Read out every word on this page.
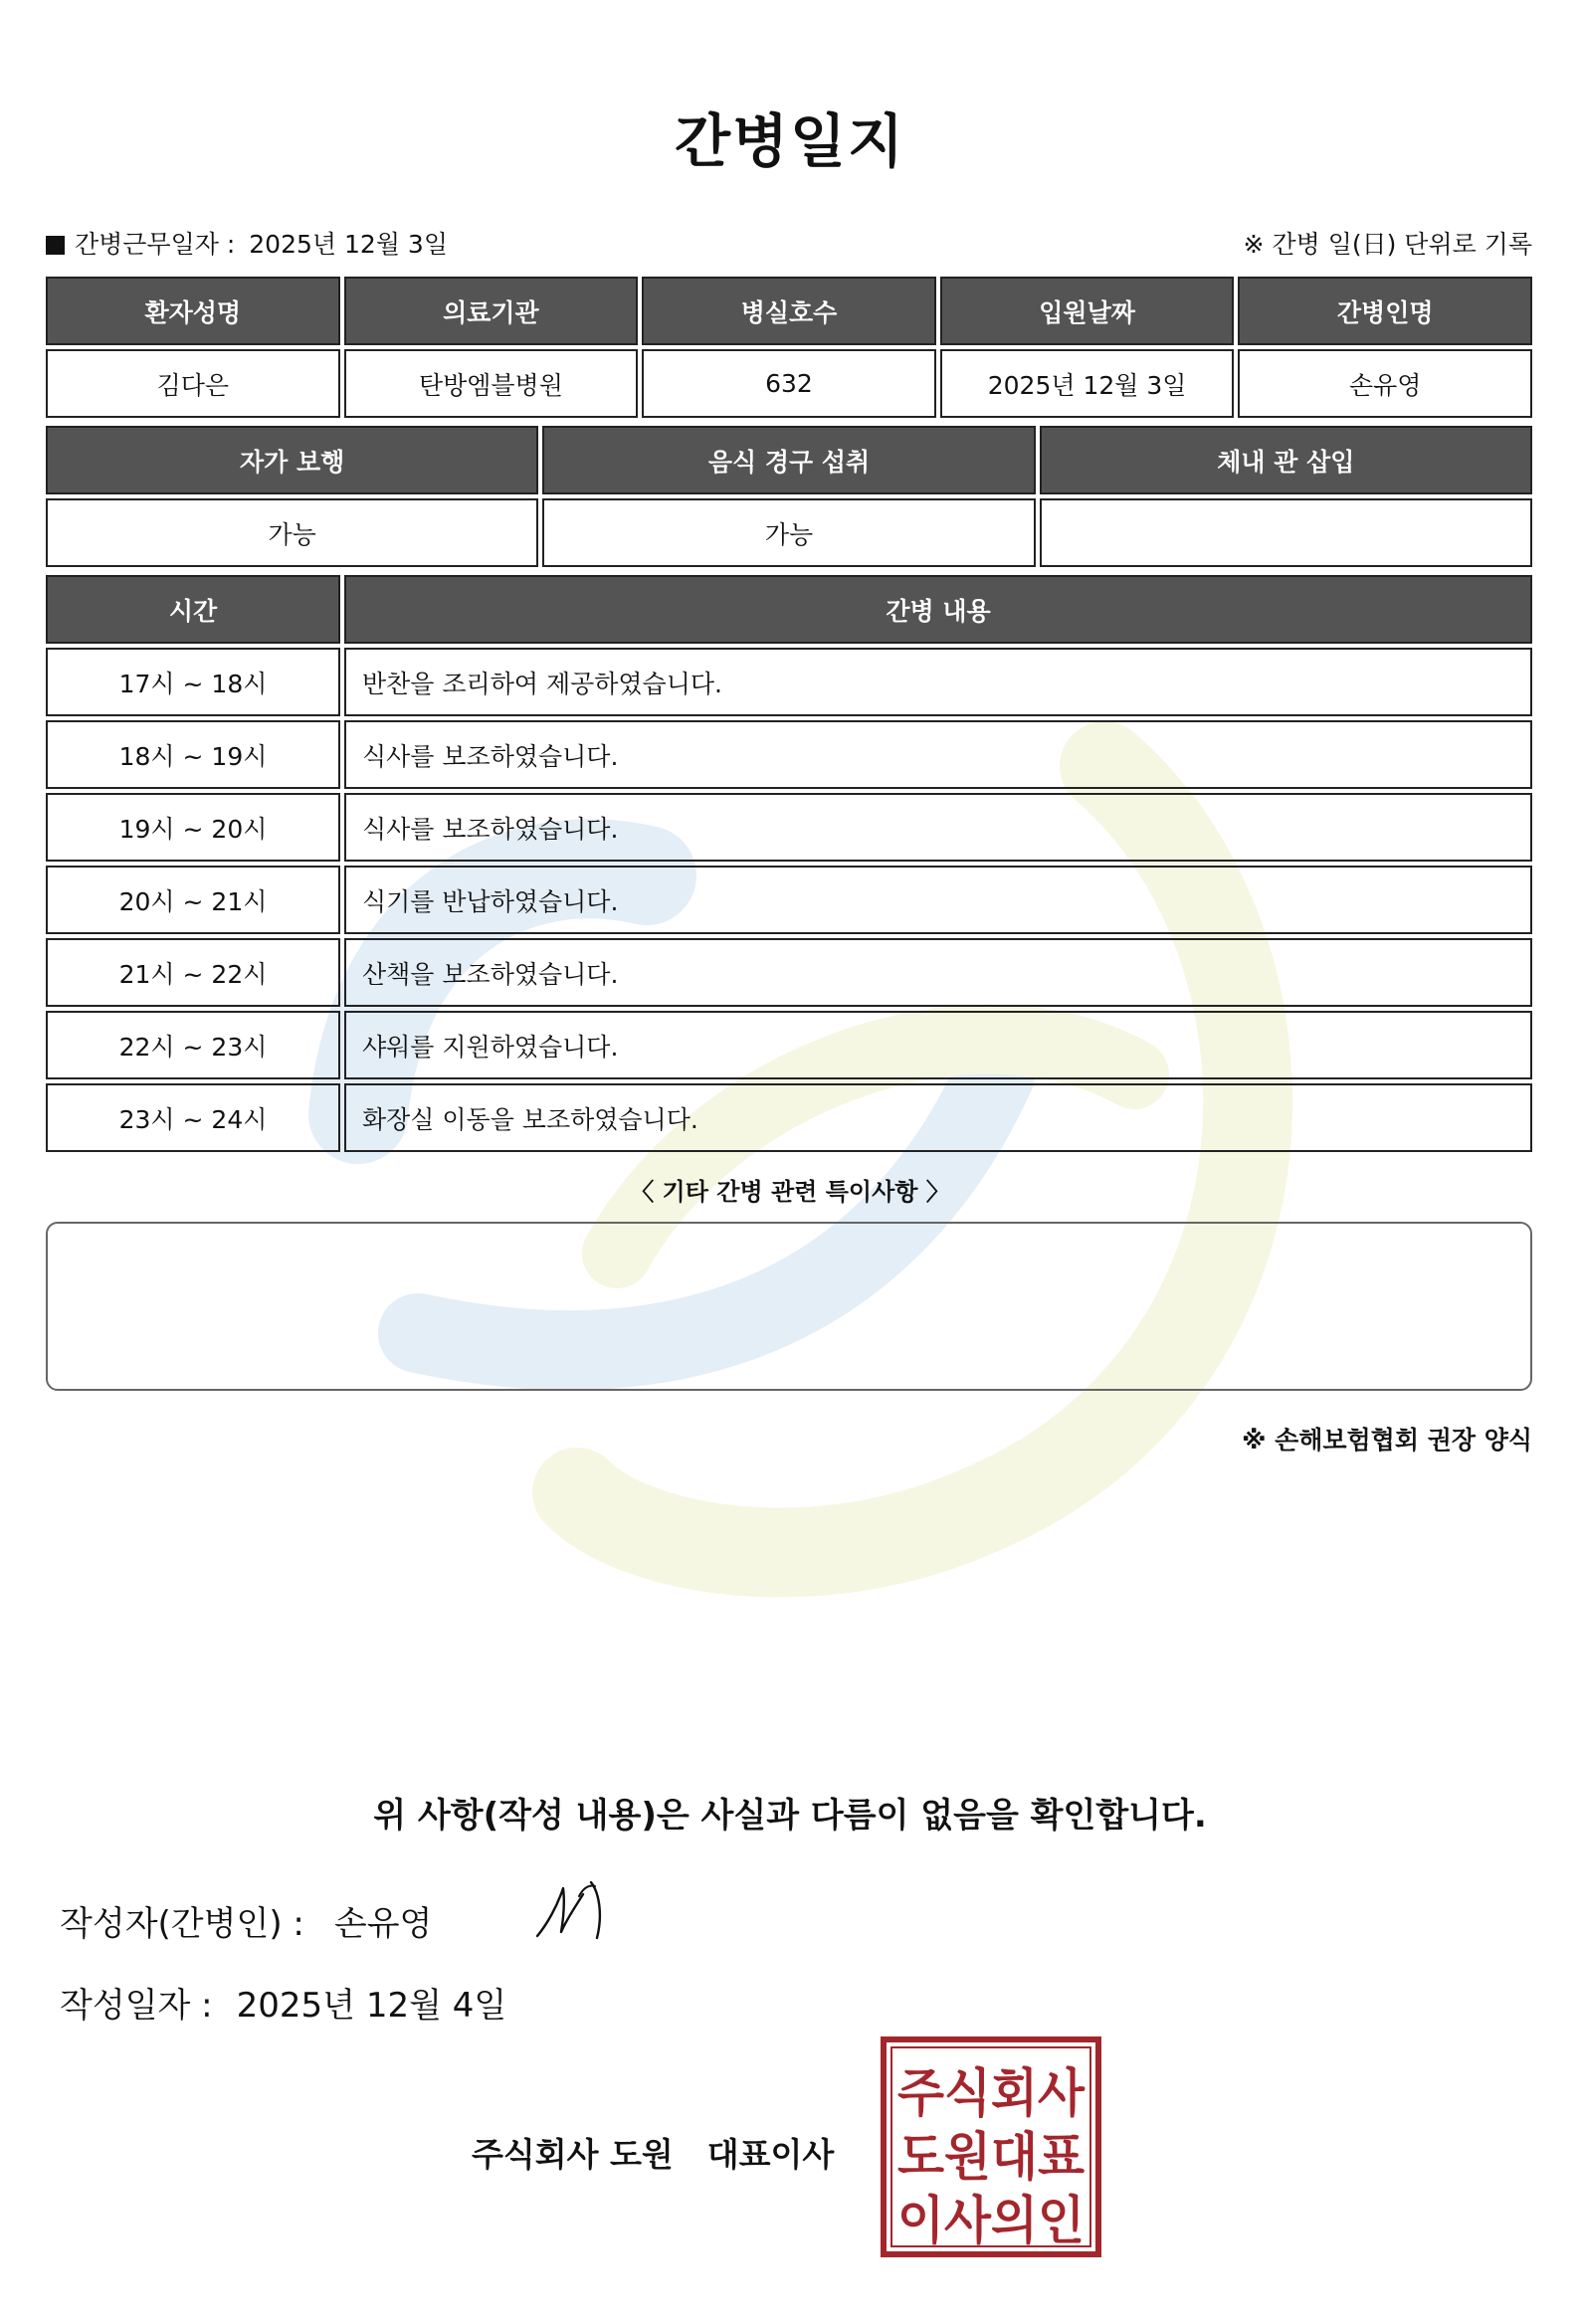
간병일지
간병근무일자 : 2025년 12월 3일	※ 간병 일(日) 단위로 기록
환자성명	의료기관	병실호수	입원날짜	간병인명
김다은	탄방엠블병원	632	2025년 12월 3일	손유영
자가 보행	음식 경구 섭취	체내 관 삽입
가능	가능
시간	간병 내용
17시 ~ 18시	반찬을 조리하여 제공하였습니다.
18시 ~ 19시	식사를 보조하였습니다.
19시 ~ 20시	식사를 보조하였습니다.
20시 ~ 21시	식기를 반납하였습니다.
21시 ~ 22시	산책을 보조하였습니다.
22시 ~ 23시	샤워를 지원하였습니다.
23시 ~ 24시	화장실 이동을 보조하였습니다.
〈 기타 간병 관련 특이사항 〉
※ 손해보험협회 권장 양식
위 사항(작성 내용)은 사실과 다름이 없음을 확인합니다.
작성자(간병인) : 손유영
작성일자 : 2025년 12월 4일
주식회사 도원 대표이사
주식회사
도원대표
이사의인
